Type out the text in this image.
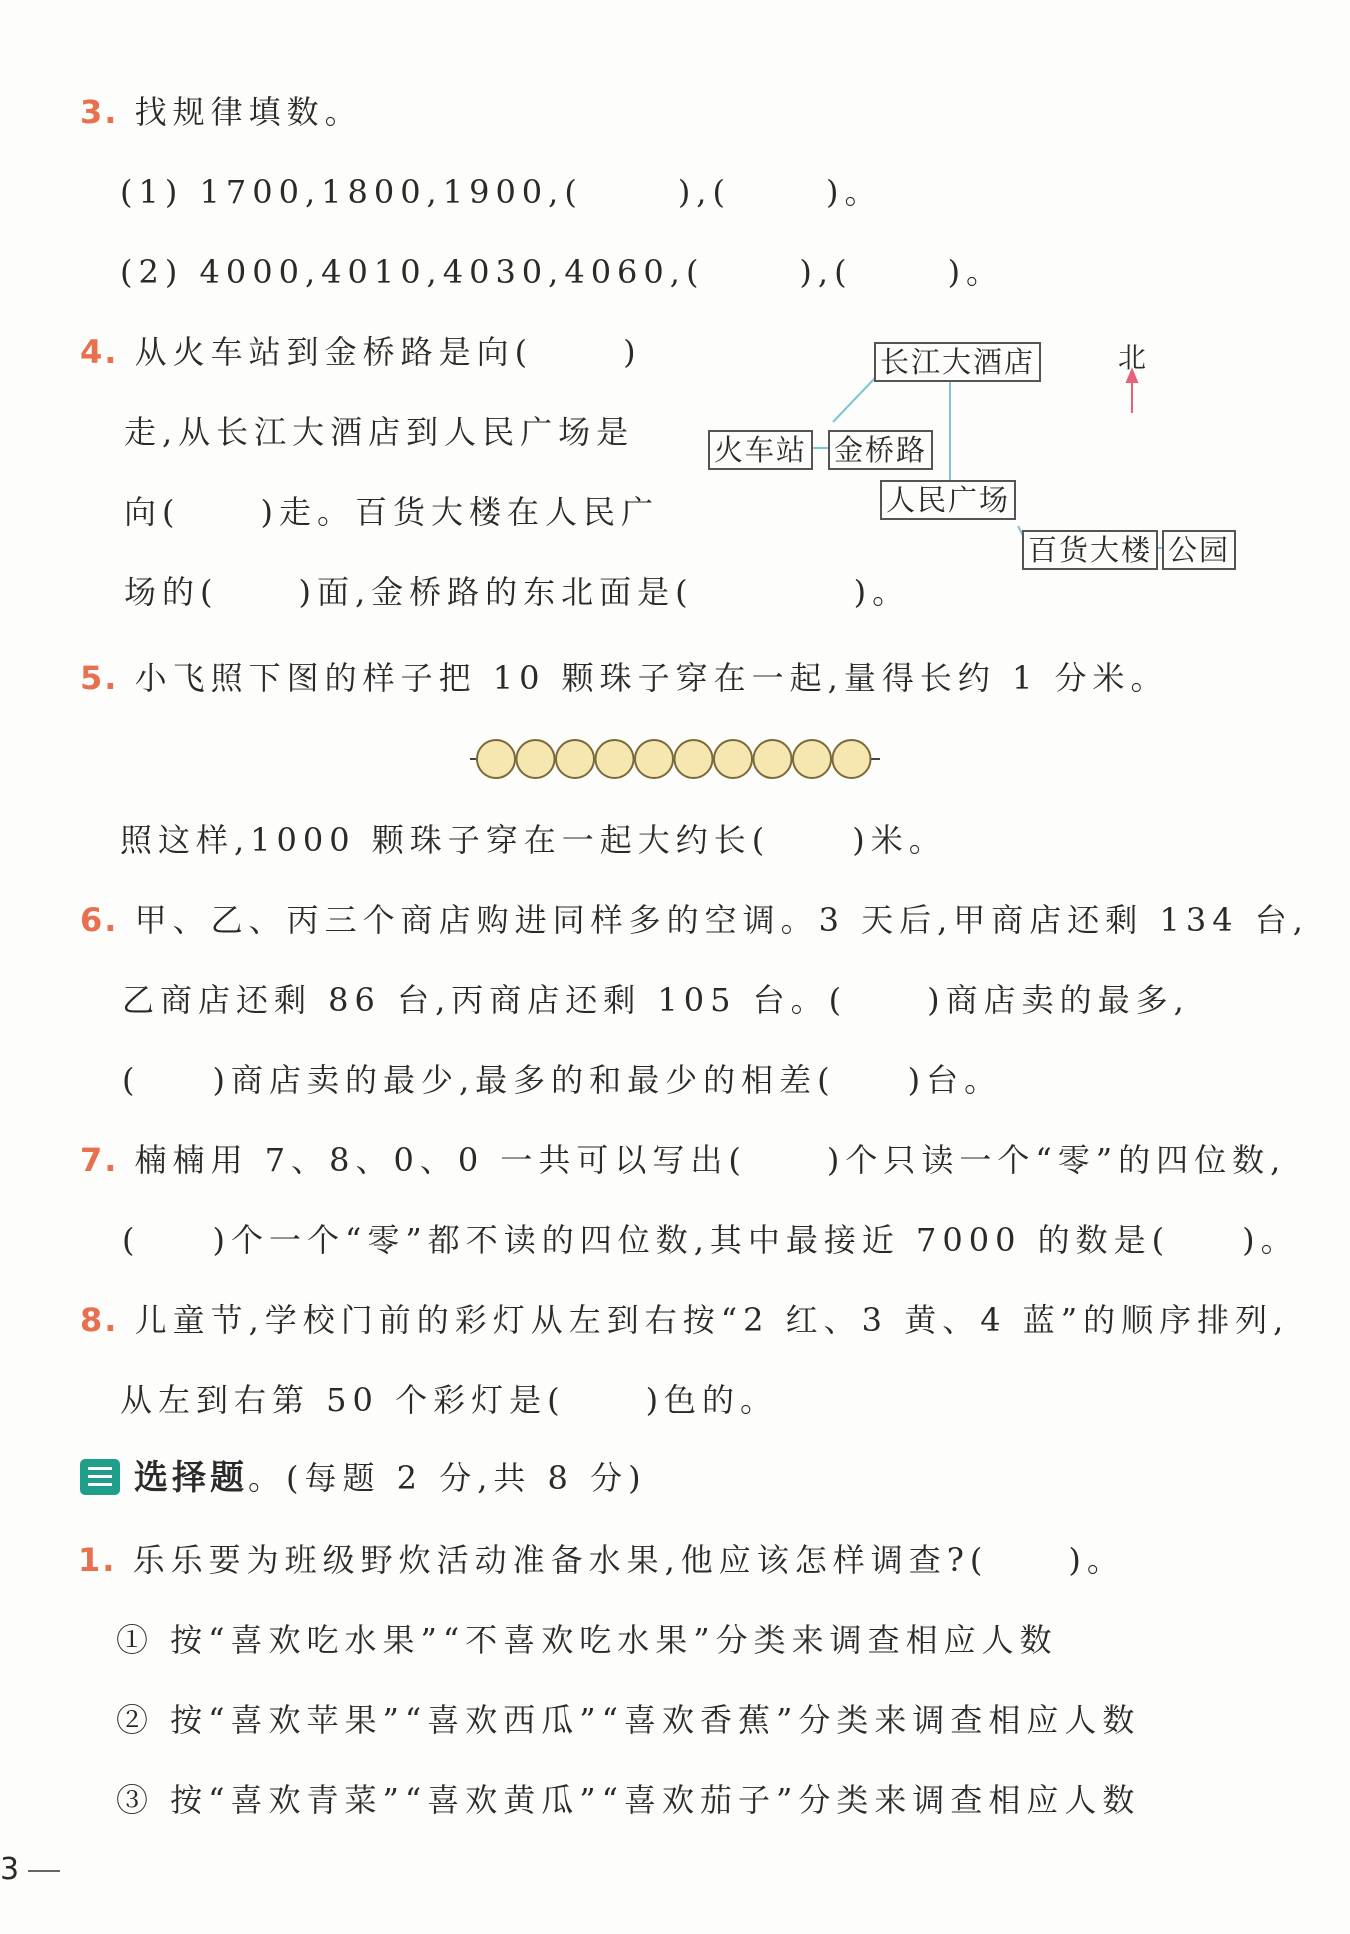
3. 找规律填数。
(1) 1700,1800,1900,(	),(	)。
(2) 4000,4010,4030,4060,(	),(	)。
4. 从火车站到金桥路是向(	)
走,从长江大酒店到人民广场是
向(	)走。百货大楼在人民广
场的(	)面,金桥路的东北面是(	)。
长江大酒店
火车站 金桥路
人民广场
百货大楼 公园
北
5. 小飞照下图的样子把 10 颗珠子穿在一起,量得长约 1 分米。
照这样,1000 颗珠子穿在一起大约长(	)米。
6. 甲、乙、丙三个商店购进同样多的空调。3 天后,甲商店还剩 134 台,
乙商店还剩 86 台,丙商店还剩 105 台。(	)商店卖的最多,
( )商店卖的最少,最多的和最少的相差( )台。
7. 楠楠用 7、8、0、0 一共可以写出(	)个只读一个“零”的四位数,
( )个一个“零”都不读的四位数,其中最接近 7000 的数是( )。
8. 儿童节,学校门前的彩灯从左到右按“2 红、3 黄、4 蓝”的顺序排列,
从左到右第 50 个彩灯是(	)色的。
选择题。(每题 2 分,共 8 分)
1. 乐乐要为班级野炊活动准备水果,他应该怎样调查?(	)。
① 按“喜欢吃水果”“不喜欢吃水果”分类来调查相应人数
② 按“喜欢苹果”“喜欢西瓜”“喜欢香蕉”分类来调查相应人数
③ 按“喜欢青菜”“喜欢黄瓜”“喜欢茄子”分类来调查相应人数
3
